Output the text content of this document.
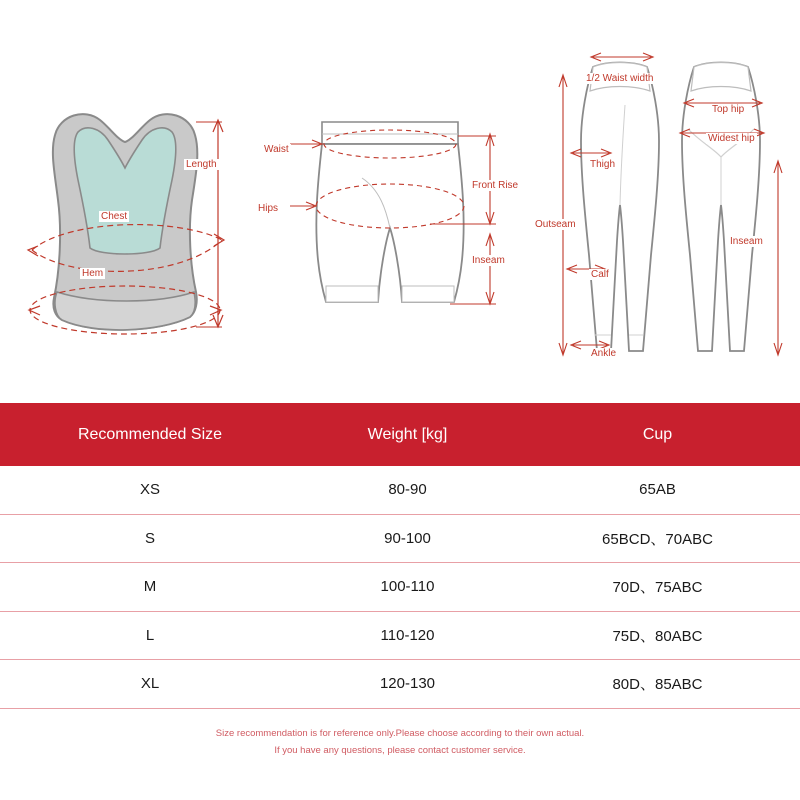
Length
Chest
Hem
Waist
Hips
Front Rise
Inseam
1/2 Waist width
Thigh
Outseam
Calf
Ankle
Top hip
Widest hip
Inseam
Recommended Size	Weight [kg]	Cup
XS	80-90	65AB
S	90-100	65BCD、70ABC
M	100-110	70D、75ABC
L	110-120	75D、80ABC
XL	120-130	80D、85ABC
Size recommendation is for reference only.Please choose according to their own actual.
If you have any questions, please contact customer service.
